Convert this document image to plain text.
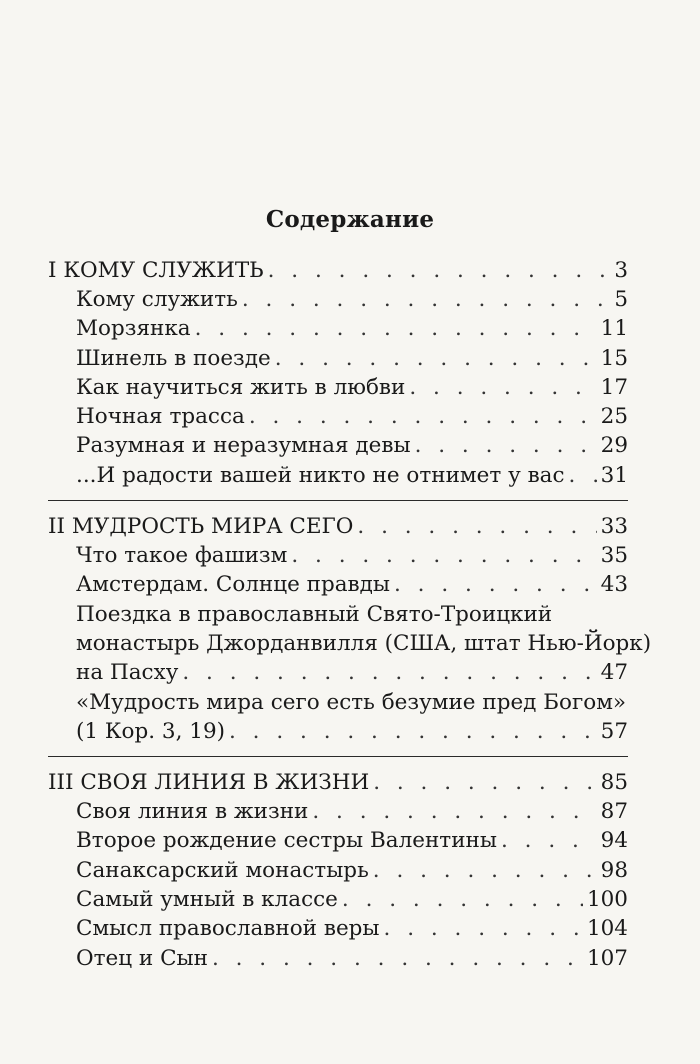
Содержание
I КОМУ СЛУЖИТЬ . . .	3
Кому служить . . .	5
Морзянка . . .	11
Шинель в поезде . . .	15
Как научиться жить в любви . . .	17
Ночная трасса . . .	25
Разумная и неразумная девы . . .	29
...И радости вашей никто не отнимет у вас . . . 31
II МУДРОСТЬ МИРА СЕГО . . .	33
Что такое фашизм . . .	35
Амстердам. Солнце правды . . .	43
Поездка в православный Свято-Троицкий
монастырь Джорданвилля (США, штат Нью-Йорк)
на Пасху . . .	47
«Мудрость мира сего есть безумие пред Богом»
(1 Кор. 3, 19) . . .	57
III СВОЯ ЛИНИЯ В ЖИЗНИ . . .	85
Своя линия в жизни . . .	87
Второе рождение сестры Валентины . . .	94
Санаксарский монастырь . . .	98
Самый умный в классе . . .	100
Смысл православной веры . . .	104
Отец и Сын . . .	107
